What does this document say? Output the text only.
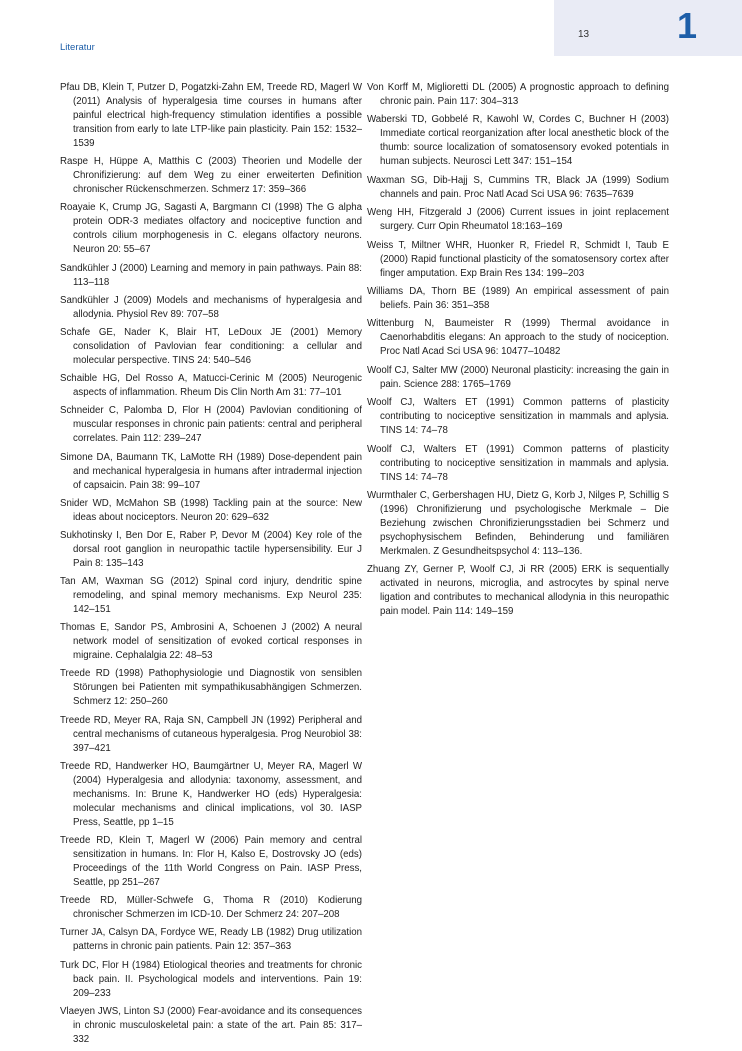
13 1
Literatur

Pfau DB, Klein T, Putzer D, Pogatzki-Zahn EM, Treede RD, Magerl W (2011) Analysis of hyperalgesia time courses in humans after painful electrical high-frequency stimulation identifies a possible transition from early to late LTP-like pain plasticity. Pain 152: 1532–1539

Raspe H, Hüppe A, Matthis C (2003) Theorien und Modelle der Chronifizierung: auf dem Weg zu einer erweiterten Definition chronischer Rückenschmerzen. Schmerz 17: 359–366

Roayaie K, Crump JG, Sagasti A, Bargmann CI (1998) The G alpha protein ODR-3 mediates olfactory and nociceptive function and controls cilium morphogenesis in C. elegans olfactory neurons. Neuron 20: 55–67

Sandkühler J (2000) Learning and memory in pain pathways. Pain 88: 113–118

Sandkühler J (2009) Models and mechanisms of hyperalgesia and allodynia. Physiol Rev 89: 707–58

Schafe GE, Nader K, Blair HT, LeDoux JE (2001) Memory consolidation of Pavlovian fear conditioning: a cellular and molecular perspective. TINS 24: 540–546

Schaible HG, Del Rosso A, Matucci-Cerinic M (2005) Neurogenic aspects of inflammation. Rheum Dis Clin North Am 31: 77–101

Schneider C, Palomba D, Flor H (2004) Pavlovian conditioning of muscular responses in chronic pain patients: central and peripheral correlates. Pain 112: 239–247

Simone DA, Baumann TK, LaMotte RH (1989) Dose-dependent pain and mechanical hyperalgesia in humans after intradermal injection of capsaicin. Pain 38: 99–107

Snider WD, McMahon SB (1998) Tackling pain at the source: New ideas about nociceptors. Neuron 20: 629–632

Sukhotinsky I, Ben Dor E, Raber P, Devor M (2004) Key role of the dorsal root ganglion in neuropathic tactile hypersensibility. Eur J Pain 8: 135–143

Tan AM, Waxman SG (2012) Spinal cord injury, dendritic spine remodeling, and spinal memory mechanisms. Exp Neurol 235: 142–151

Thomas E, Sandor PS, Ambrosini A, Schoenen J (2002) A neural network model of sensitization of evoked cortical responses in migraine. Cephalalgia 22: 48–53

Treede RD (1998) Pathophysiologie und Diagnostik von sensiblen Störungen bei Patienten mit sympathikusabhängigen Schmerzen. Schmerz 12: 250–260

Treede RD, Meyer RA, Raja SN, Campbell JN (1992) Peripheral and central mechanisms of cutaneous hyperalgesia. Prog Neurobiol 38: 397–421

Treede RD, Handwerker HO, Baumgärtner U, Meyer RA, Magerl W (2004) Hyperalgesia and allodynia: taxonomy, assessment, and mechanisms. In: Brune K, Handwerker HO (eds) Hyperalgesia: molecular mechanisms and clinical implications, vol 30. IASP Press, Seattle, pp 1–15

Treede RD, Klein T, Magerl W (2006) Pain memory and central sensitization in humans. In: Flor H, Kalso E, Dostrovsky JO (eds) Proceedings of the 11th World Congress on Pain. IASP Press, Seattle, pp 251–267

Treede RD, Müller-Schwefe G, Thoma R (2010) Kodierung chronischer Schmerzen im ICD-10. Der Schmerz 24: 207–208

Turner JA, Calsyn DA, Fordyce WE, Ready LB (1982) Drug utilization patterns in chronic pain patients. Pain 12: 357–363

Turk DC, Flor H (1984) Etiological theories and treatments for chronic back pain. II. Psychological models and interventions. Pain 19: 209–233

Vlaeyen JWS, Linton SJ (2000) Fear-avoidance and its consequences in chronic musculoskeletal pain: a state of the art. Pain 85: 317–332

Von Korff M, Miglioretti DL (2005) A prognostic approach to defining chronic pain. Pain 117: 304–313

Waberski TD, Gobbelé R, Kawohl W, Cordes C, Buchner H (2003) Immediate cortical reorganization after local anesthetic block of the thumb: source localization of somatosensory evoked potentials in human subjects. Neurosci Lett 347: 151–154

Waxman SG, Dib-Hajj S, Cummins TR, Black JA (1999) Sodium channels and pain. Proc Natl Acad Sci USA 96: 7635–7639

Weng HH, Fitzgerald J (2006) Current issues in joint replacement surgery. Curr Opin Rheumatol 18:163–169

Weiss T, Miltner WHR, Huonker R, Friedel R, Schmidt I, Taub E (2000) Rapid functional plasticity of the somatosensory cortex after finger amputation. Exp Brain Res 134: 199–203

Williams DA, Thorn BE (1989) An empirical assessment of pain beliefs. Pain 36: 351–358

Wittenburg N, Baumeister R (1999) Thermal avoidance in Caenorhabditis elegans: An approach to the study of nociception. Proc Natl Acad Sci USA 96: 10477–10482

Woolf CJ, Salter MW (2000) Neuronal plasticity: increasing the gain in pain. Science 288: 1765–1769

Woolf CJ, Walters ET (1991) Common patterns of plasticity contributing to nociceptive sensitization in mammals and aplysia. TINS 14: 74–78

Woolf CJ, Walters ET (1991) Common patterns of plasticity contributing to nociceptive sensitization in mammals and aplysia. TINS 14: 74–78

Wurmthaler C, Gerbershagen HU, Dietz G, Korb J, Nilges P, Schillig S (1996) Chronifizierung und psychologische Merkmale – Die Beziehung zwischen Chronifizierungsstadien bei Schmerz und psychophysischem Befinden, Behinderung und familiären Merkmalen. Z Gesundheitspsychol 4: 113–136.

Zhuang ZY, Gerner P, Woolf CJ, Ji RR (2005) ERK is sequentially activated in neurons, microglia, and astrocytes by spinal nerve ligation and contributes to mechanical allodynia in this neuropathic pain model. Pain 114: 149–159
